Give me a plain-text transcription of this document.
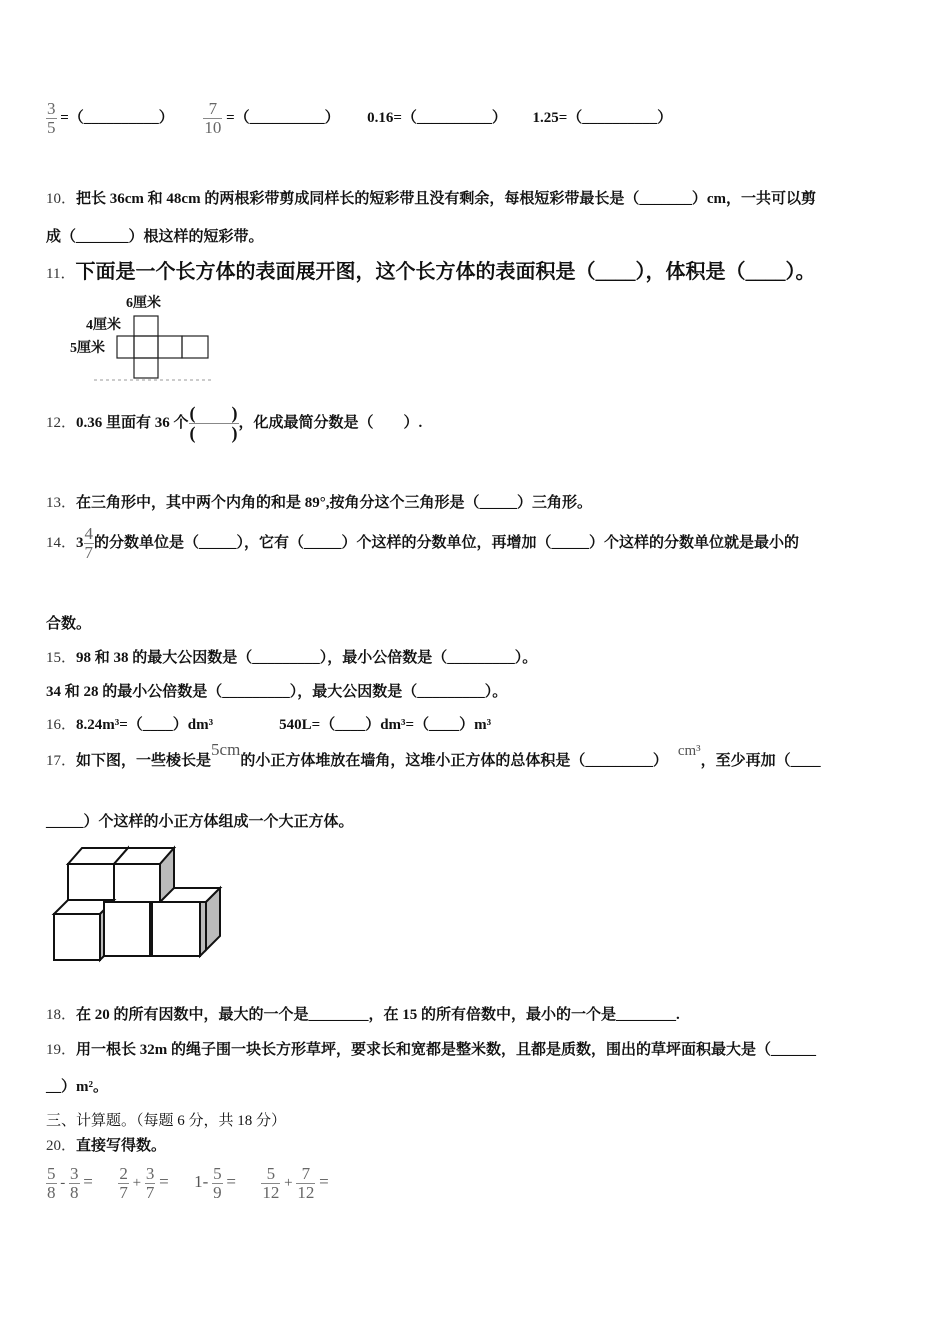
$\frac{3}{5}$ =（__________） $\frac{7}{10}$ =（__________） 0.16=（__________） 1.25=（__________）
10．把长 36cm 和 48cm 的两根彩带剪成同样长的短彩带且没有剩余，每根短彩带最长是（_______）cm，一共可以剪
成（_______）根这样的短彩带。
11．下面是一个长方体的表面展开图，这个长方体的表面积是（____），体积是（____）。
6厘米
4厘米
5厘米
12．0.36 里面有 36 个 (　　)
(　　)
，化成最简分数是（　　）.
13．在三角形中，其中两个内角的和是 89°,按角分这个三角形是（_____）三角形。
14．$3 \frac{4}{7}$ 的分数单位是（_____），它有（_____）个这样的分数单位，再增加（_____）个这样的分数单位就是最小的
合数。
15．98 和 38 的最大公因数是（_________），最小公倍数是（_________）。
34 和 28 的最小公倍数是（_________），最大公因数是（_________）。
16．8.24m³=（____）dm³	540L=（____）dm³=（____）m³
17．如下图，一些棱长是5cm的小正方体堆放在墙角，这堆小正方体的总体积是（_________）cm³，至少再加（____
_____）个这样的小正方体组成一个大正方体。
18．在 20 的所有因数中，最大的一个是________，在 15 的所有倍数中，最小的一个是________.
19．用一根长 32m 的绳子围一块长方形草坪，要求长和宽都是整米数，且都是质数，围出的草坪面积最大是（______
__）m²。
三、计算题。（每题 6 分，共 18 分）
20．直接写得数。
$\frac{5}{8} - \frac{3}{8} = \frac{2}{7} + \frac{3}{7} = 1- \frac{5}{9} = \frac{5}{12} + \frac{7}{12}$ =
